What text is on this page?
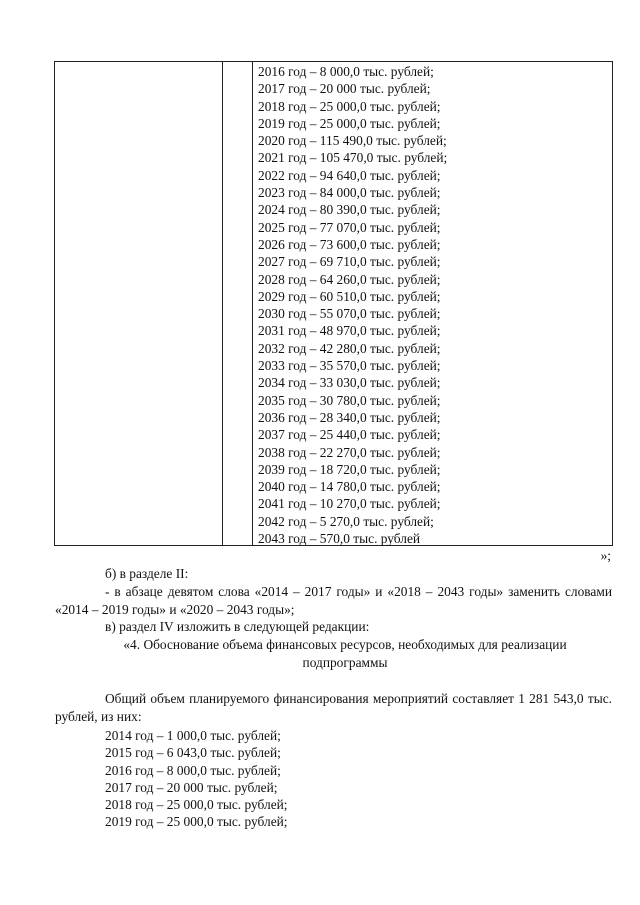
2016 год – 8 000,0 тыс. рублей;
2017 год – 20 000 тыс. рублей;
2018 год – 25 000,0 тыс. рублей;
2019 год – 25 000,0 тыс. рублей;
2020 год – 115 490,0 тыс. рублей;
2021 год – 105 470,0 тыс. рублей;
2022 год – 94 640,0 тыс. рублей;
2023 год – 84 000,0 тыс. рублей;
2024 год – 80 390,0 тыс. рублей;
2025 год – 77 070,0 тыс. рублей;
2026 год – 73 600,0 тыс. рублей;
2027 год – 69 710,0 тыс. рублей;
2028 год – 64 260,0 тыс. рублей;
2029 год – 60 510,0 тыс. рублей;
2030 год – 55 070,0 тыс. рублей;
2031 год – 48 970,0 тыс. рублей;
2032 год – 42 280,0 тыс. рублей;
2033 год – 35 570,0 тыс. рублей;
2034 год – 33 030,0 тыс. рублей;
2035 год – 30 780,0 тыс. рублей;
2036 год – 28 340,0 тыс. рублей;
2037 год – 25 440,0 тыс. рублей;
2038 год – 22 270,0 тыс. рублей;
2039 год – 18 720,0 тыс. рублей;
2040 год – 14 780,0 тыс. рублей;
2041 год – 10 270,0 тыс. рублей;
2042 год – 5 270,0 тыс. рублей;
2043 год – 570,0 тыс. рублей
»;

б) в разделе II:

- в абзаце девятом слова «2014 – 2017 годы» и «2018 – 2043 годы» заменить словами «2014 – 2019 годы» и «2020 – 2043 годы»;

в) раздел IV изложить в следующей редакции:

«4. Обоснование объема финансовых ресурсов, необходимых для реализации подпрограммы

Общий объем планируемого финансирования мероприятий составляет 1 281 543,0 тыс. рублей, из них:

2014 год – 1 000,0 тыс. рублей;
2015 год – 6 043,0 тыс. рублей;
2016 год – 8 000,0 тыс. рублей;
2017 год – 20 000 тыс. рублей;
2018 год – 25 000,0 тыс. рублей;
2019 год – 25 000,0 тыс. рублей;
